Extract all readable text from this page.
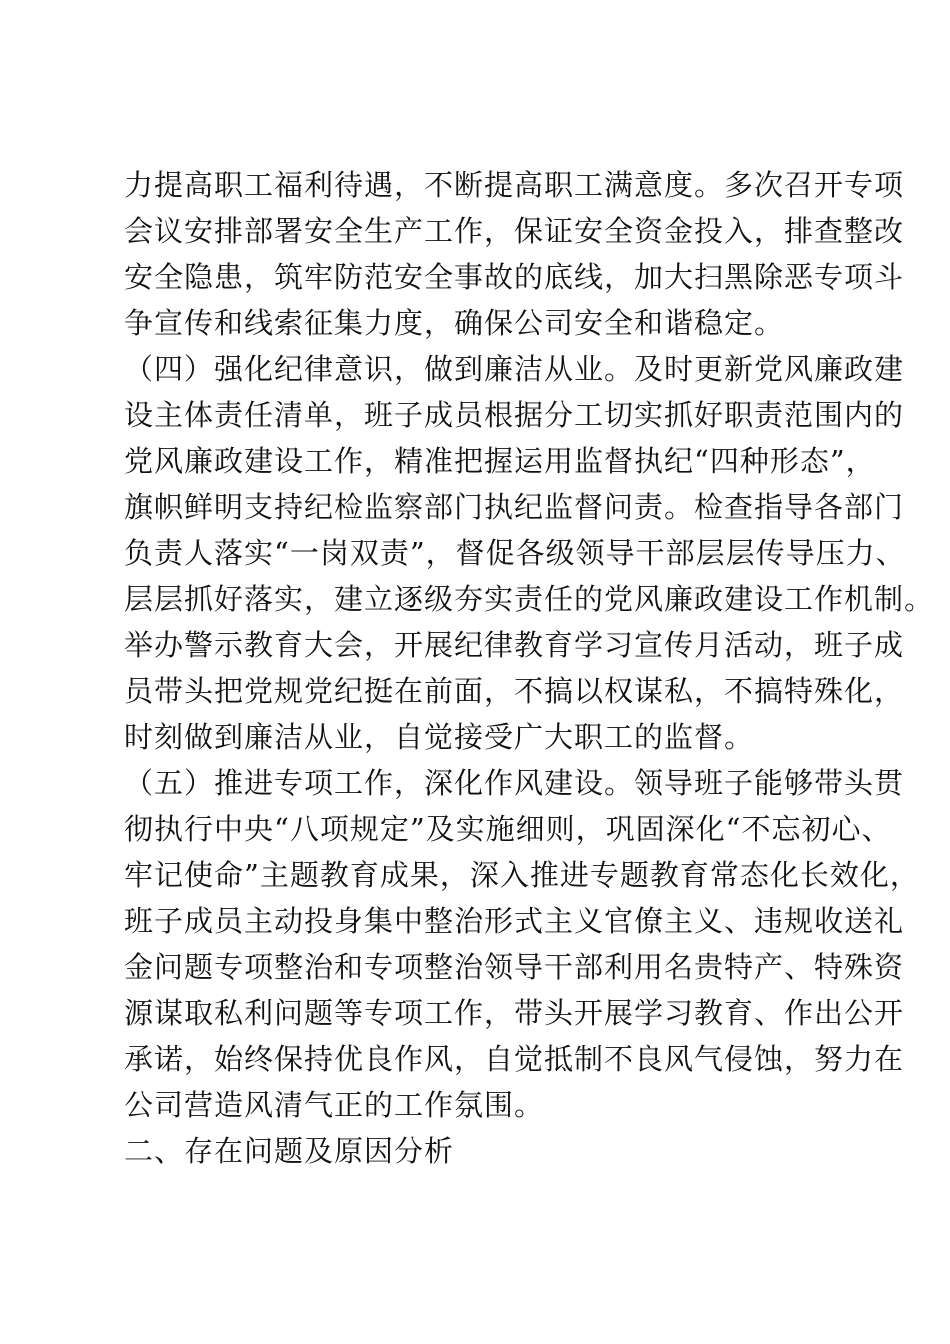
力提高职工福利待遇，不断提高职工满意度。多次召开专项
会议安排部署安全生产工作，保证安全资金投入，排查整改
安全隐患，筑牢防范安全事故的底线，加大扫黑除恶专项斗
争宣传和线索征集力度，确保公司安全和谐稳定。
（四）强化纪律意识，做到廉洁从业。及时更新党风廉政建
设主体责任清单，班子成员根据分工切实抓好职责范围内的
党风廉政建设工作，精准把握运用监督执纪“四种形态”，
旗帜鲜明支持纪检监察部门执纪监督问责。检查指导各部门
负责人落实“一岗双责”，督促各级领导干部层层传导压力、
层层抓好落实，建立逐级夯实责任的党风廉政建设工作机制。
举办警示教育大会，开展纪律教育学习宣传月活动，班子成
员带头把党规党纪挺在前面，不搞以权谋私，不搞特殊化，
时刻做到廉洁从业，自觉接受广大职工的监督。
（五）推进专项工作，深化作风建设。领导班子能够带头贯
彻执行中央“八项规定”及实施细则，巩固深化“不忘初心、
牢记使命”主题教育成果，深入推进专题教育常态化长效化，
班子成员主动投身集中整治形式主义官僚主义、违规收送礼
金问题专项整治和专项整治领导干部利用名贵特产、特殊资
源谋取私利问题等专项工作，带头开展学习教育、作出公开
承诺，始终保持优良作风，自觉抵制不良风气侵蚀，努力在
公司营造风清气正的工作氛围。
二、存在问题及原因分析
